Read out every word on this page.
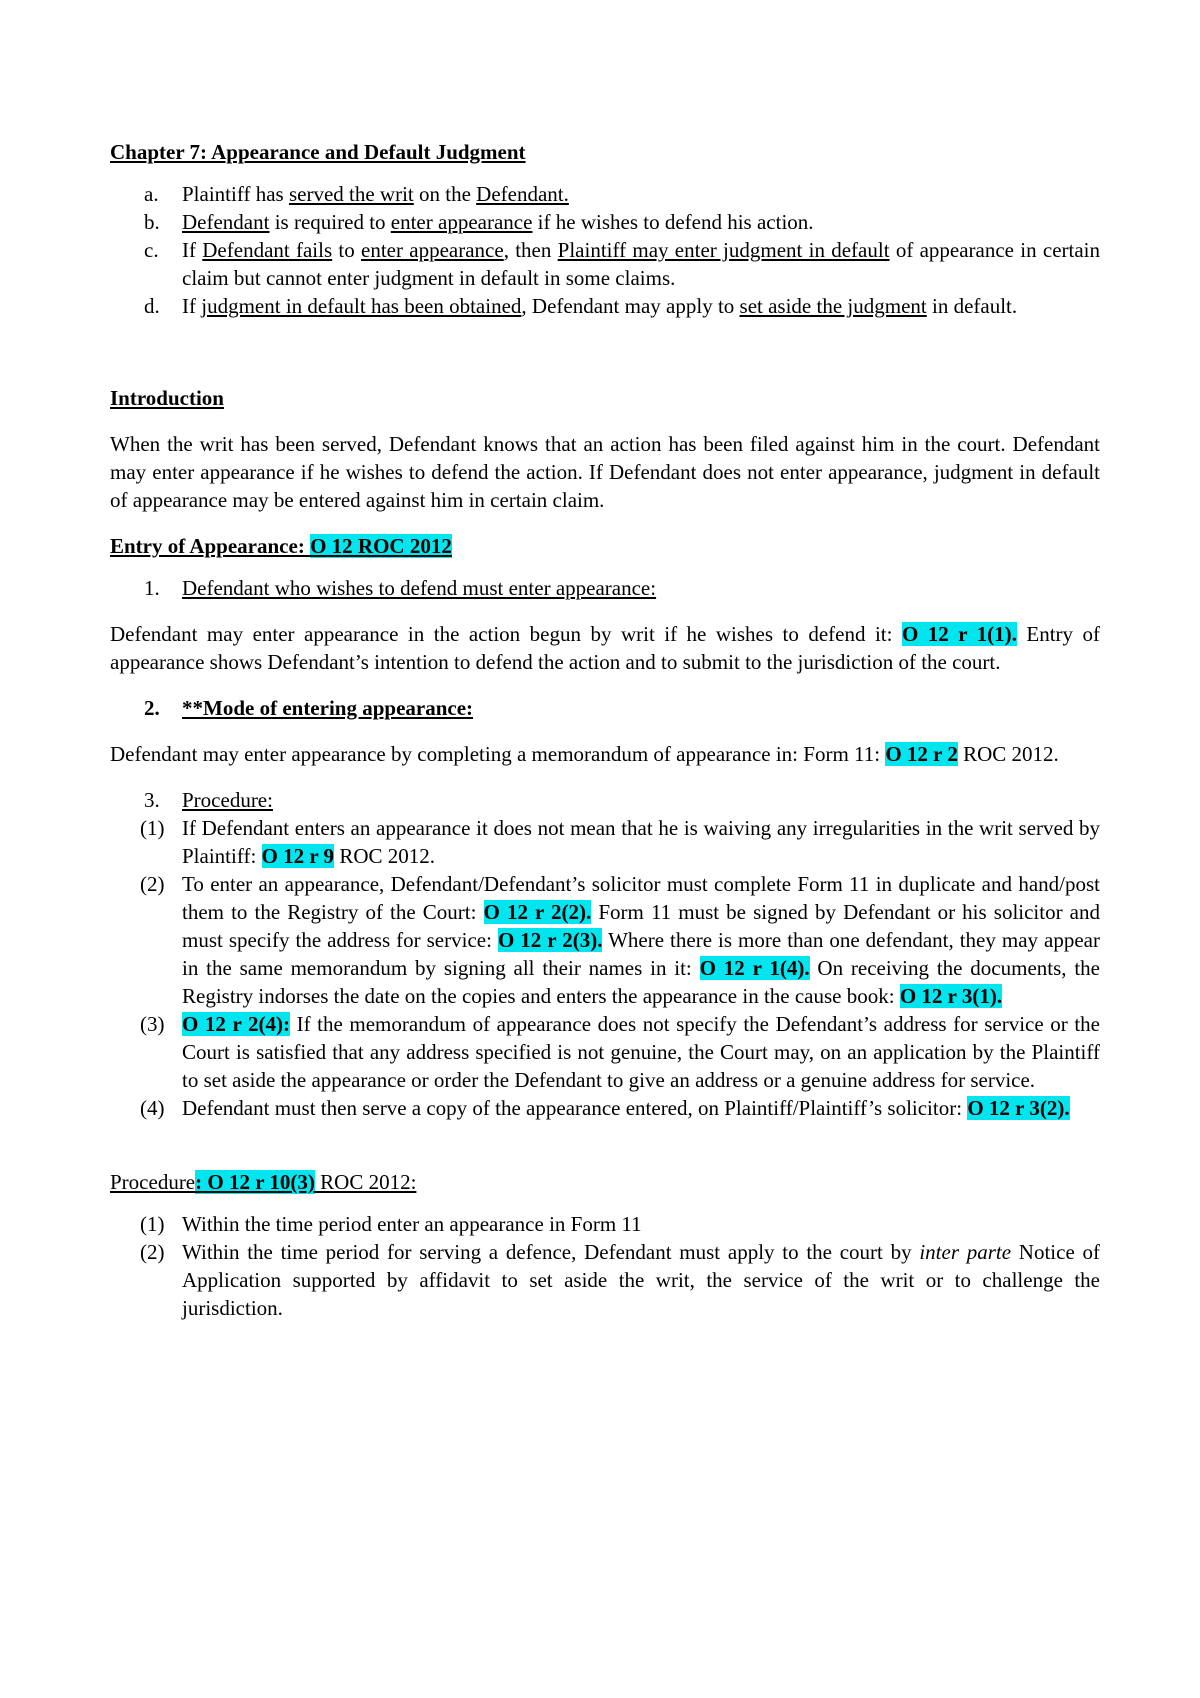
Chapter 7: Appearance and Default Judgment

a. Plaintiff has served the writ on the Defendant.
b. Defendant is required to enter appearance if he wishes to defend his action.
c. If Defendant fails to enter appearance, then Plaintiff may enter judgment in default of appearance in certain claim but cannot enter judgment in default in some claims.
d. If judgment in default has been obtained, Defendant may apply to set aside the judgment in default.

Introduction

When the writ has been served, Defendant knows that an action has been filed against him in the court. Defendant may enter appearance if he wishes to defend the action. If Defendant does not enter appearance, judgment in default of appearance may be entered against him in certain claim.

Entry of Appearance: O 12 ROC 2012

1. Defendant who wishes to defend must enter appearance:

Defendant may enter appearance in the action begun by writ if he wishes to defend it: O 12 r 1(1). Entry of appearance shows Defendant’s intention to defend the action and to submit to the jurisdiction of the court.

2. **Mode of entering appearance:

Defendant may enter appearance by completing a memorandum of appearance in: Form 11: O 12 r 2 ROC 2012.

3. Procedure:
(1) If Defendant enters an appearance it does not mean that he is waiving any irregularities in the writ served by Plaintiff: O 12 r 9 ROC 2012.
(2) To enter an appearance, Defendant/Defendant’s solicitor must complete Form 11 in duplicate and hand/post them to the Registry of the Court: O 12 r 2(2). Form 11 must be signed by Defendant or his solicitor and must specify the address for service: O 12 r 2(3). Where there is more than one defendant, they may appear in the same memorandum by signing all their names in it: O 12 r 1(4). On receiving the documents, the Registry indorses the date on the copies and enters the appearance in the cause book: O 12 r 3(1).
(3) O 12 r 2(4): If the memorandum of appearance does not specify the Defendant’s address for service or the Court is satisfied that any address specified is not genuine, the Court may, on an application by the Plaintiff to set aside the appearance or order the Defendant to give an address or a genuine address for service.
(4) Defendant must then serve a copy of the appearance entered, on Plaintiff/Plaintiff’s solicitor: O 12 r 3(2).

Procedure: O 12 r 10(3) ROC 2012:

(1) Within the time period enter an appearance in Form 11
(2) Within the time period for serving a defence, Defendant must apply to the court by inter parte Notice of Application supported by affidavit to set aside the writ, the service of the writ or to challenge the jurisdiction.
